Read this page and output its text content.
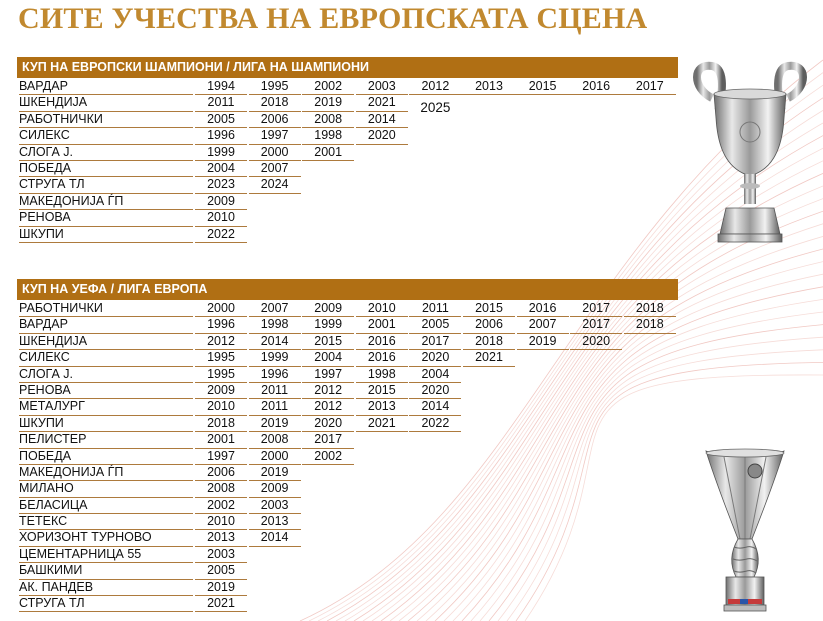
СИТЕ УЧЕСТВА НА ЕВРОПСКАТА СЦЕНА
КУП НА ЕВРОПСКИ ШАМПИОНИ / ЛИГА НА ШАМПИОНИ
ВАРДАР	1994	1995	2002	2003	2012	2013	2015	2016	2017
ШКЕНДИЈА	2011	2018	2019	2021	2025
РАБОТНИЧКИ	2005	2006	2008	2014
СИЛЕКС	1996	1997	1998	2020
СЛОГА Ј.	1999	2000	2001
ПОБЕДА	2004	2007
СТРУГА ТЛ	2023	2024
МАКЕДОНИЈА ЃП	2009
РЕНОВА	2010
ШКУПИ	2022
КУП НА УЕФА / ЛИГА ЕВРОПА
РАБОТНИЧКИ	2000	2007	2009	2010	2011	2015	2016	2017	2018
ВАРДАР	1996	1998	1999	2001	2005	2006	2007	2017	2018
ШКЕНДИЈА	2012	2014	2015	2016	2017	2018	2019	2020
СИЛЕКС	1995	1999	2004	2016	2020	2021
СЛОГА Ј.	1995	1996	1997	1998	2004
РЕНОВА	2009	2011	2012	2015	2020
МЕТАЛУРГ	2010	2011	2012	2013	2014
ШКУПИ	2018	2019	2020	2021	2022
ПЕЛИСТЕР	2001	2008	2017
ПОБЕДА	1997	2000	2002
МАКЕДОНИЈА ЃП	2006	2019
МИЛАНО	2008	2009
БЕЛАСИЦА	2002	2003
ТЕТЕКС	2010	2013
ХОРИЗОНТ ТУРНОВО	2013	2014
ЦЕМЕНТАРНИЦА 55	2003
БАШКИМИ	2005
АК. ПАНДЕВ	2019
СТРУГА ТЛ	2021
